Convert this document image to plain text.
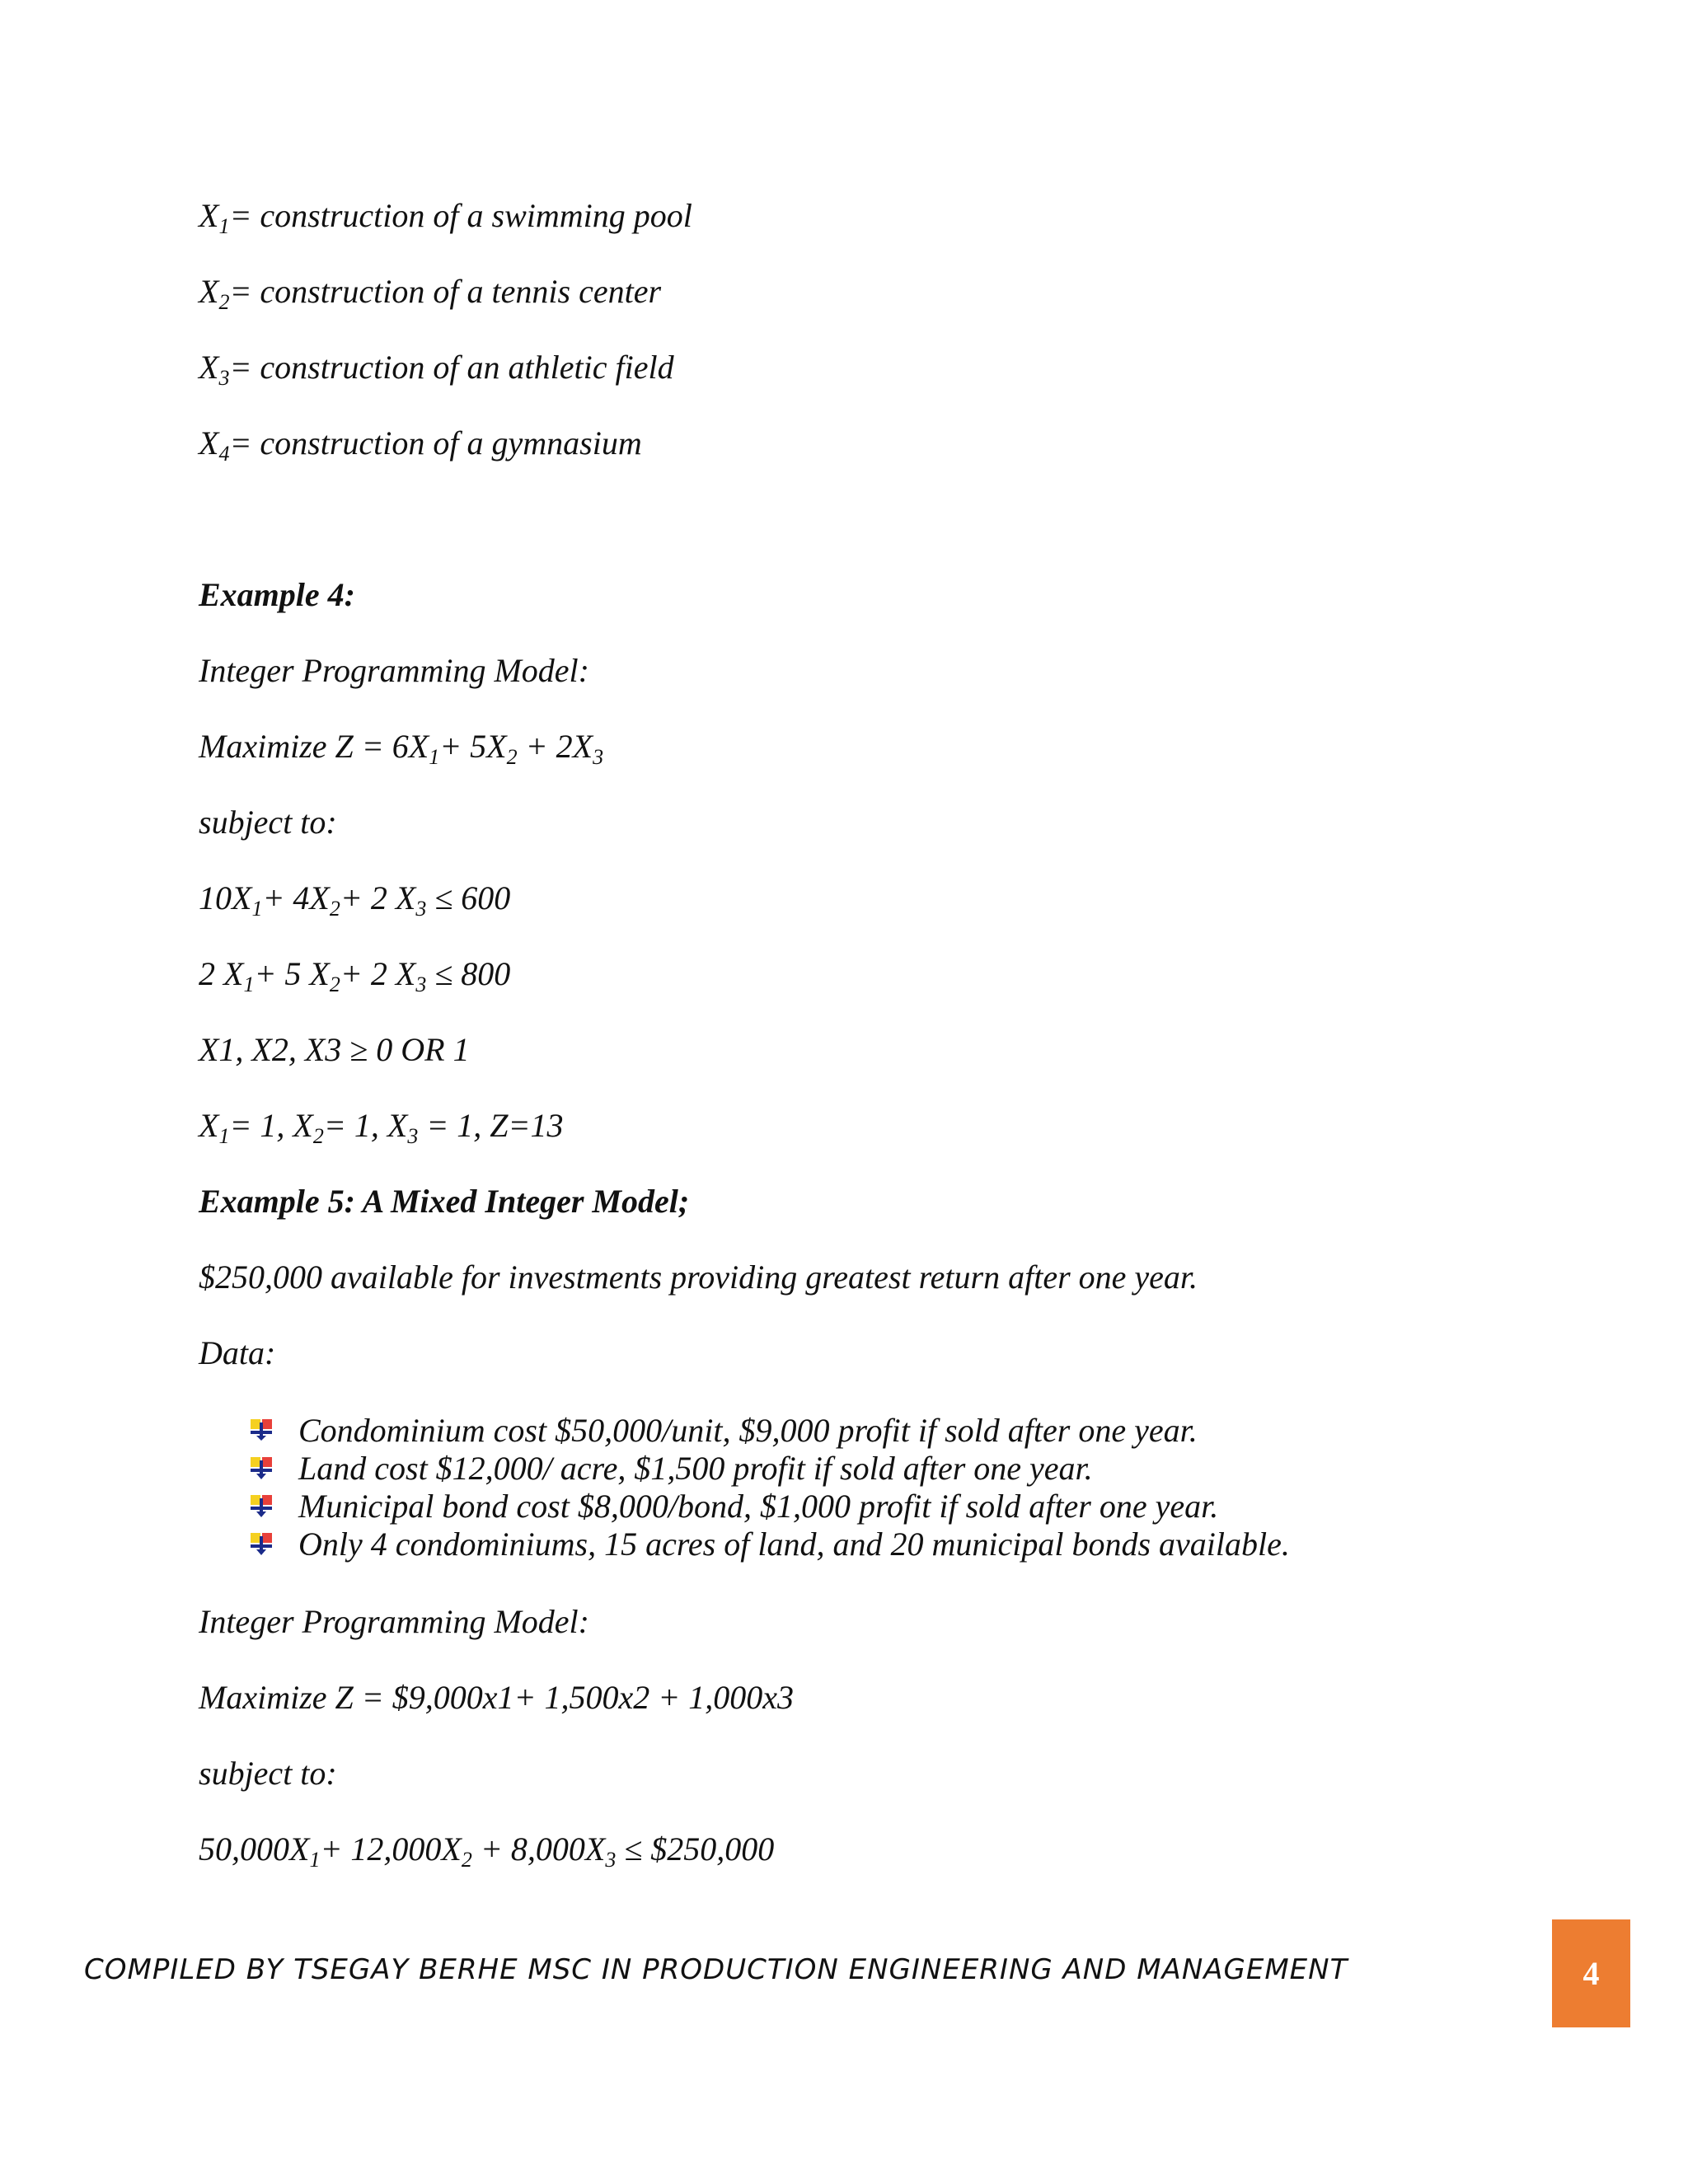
$X_1=$ construction of a swimming pool
$X_2=$ construction of a tennis center
$X_3=$ construction of an athletic field
$X_4=$ construction of a gymnasium
Example 4:
Integer Programming Model:
Maximize $Z = 6X_1+ 5X_2 + 2X_3$
subject to:
$10X_1+ 4X_2+ 2$ $X_3 \le 600$
2 $X_1+ 5$ $X_2+ 2$ $X_3 \le 800$
X1, X2, X3 ≥ 0 OR 1
$X_1= 1$, $X_2= 1$, $X_3 = 1$, Z=13
Example 5: A Mixed Integer Model;
$250,000 available for investments providing greatest return after one year.
Data:
Condominium cost $50,000/unit, $9,000 profit if sold after one year.
Land cost $12,000/ acre, $1,500 profit if sold after one year.
Municipal bond cost $8,000/bond, $1,000 profit if sold after one year.
Only 4 condominiums, 15 acres of land, and 20 municipal bonds available.
Integer Programming Model:
Maximize Z = $9,000x1+ 1,500x2 + 1,000x3
subject to:
$50,000X_1+ 12,000X_2 + 8,000X_3$ ≤ $250,000
COMPILED BY TSEGAY BERHE MSC IN PRODUCTION ENGINEERING AND MANAGEMENT	4
